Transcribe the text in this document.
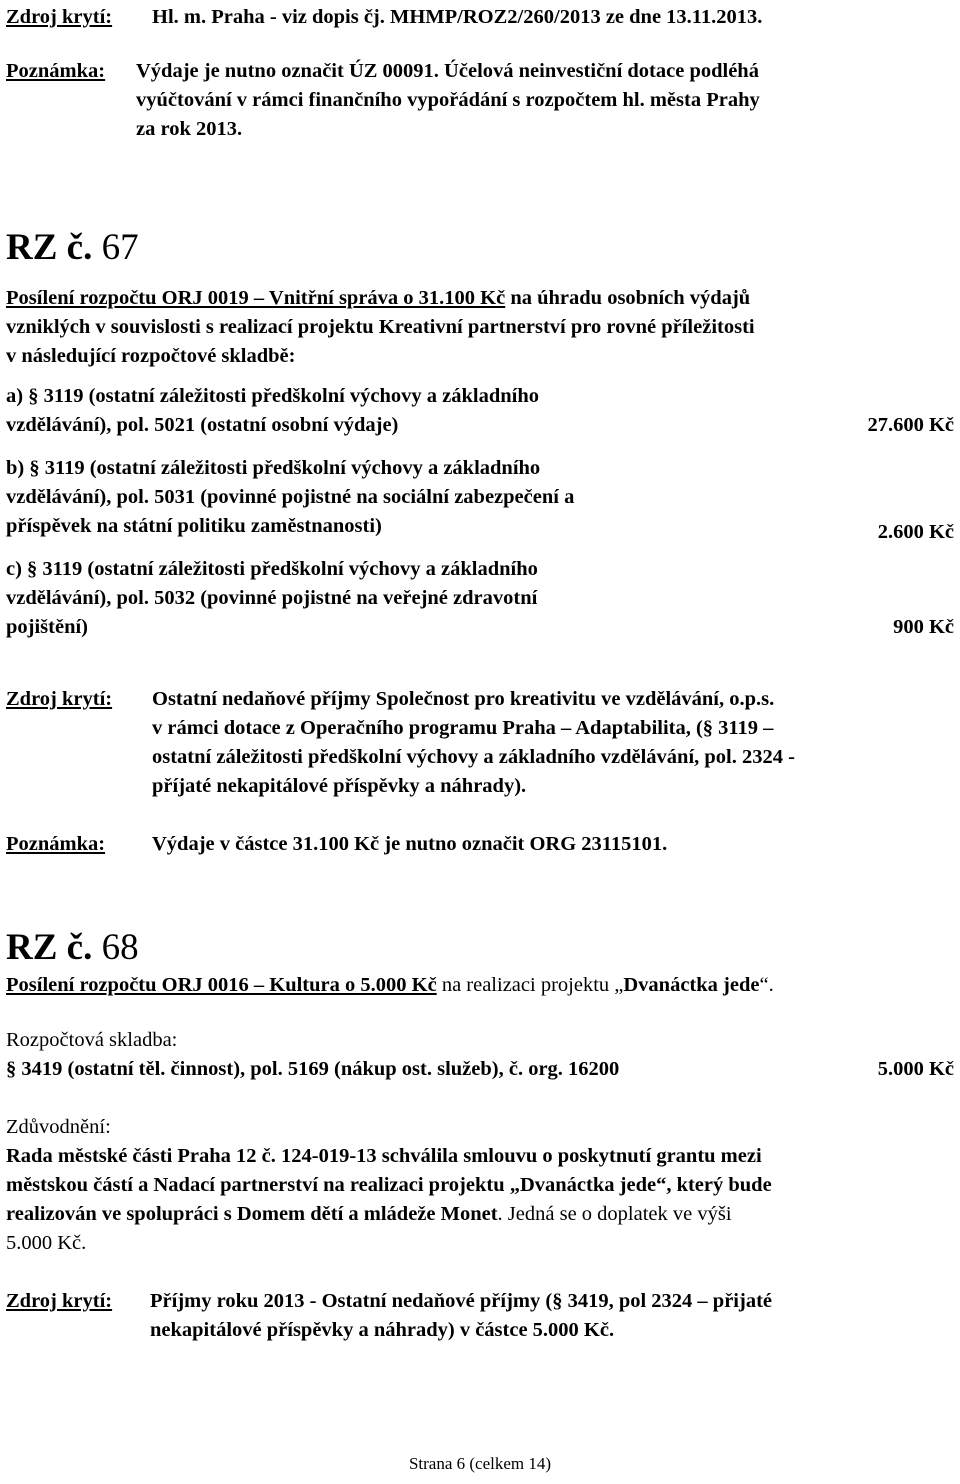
Zdroj krytí: Hl. m. Praha - viz dopis čj. MHMP/ROZ2/260/2013 ze dne 13.11.2013.
Poznámka: Výdaje je nutno označit ÚZ 00091. Účelová neinvestiční dotace podléhá
vyúčtování v rámci finančního vypořádání s rozpočtem hl. města Prahy
za rok 2013.
RZ č. 67
Posílení rozpočtu ORJ 0019 – Vnitřní správa o 31.100 Kč na úhradu osobních výdajů
vzniklých v souvislosti s realizací projektu Kreativní partnerství pro rovné příležitosti
v následující rozpočtové skladbě:
a) § 3119 (ostatní záležitosti předškolní výchovy a základního
vzdělávání), pol. 5021 (ostatní osobní výdaje)	27.600 Kč
b) § 3119 (ostatní záležitosti předškolní výchovy a základního
vzdělávání), pol. 5031 (povinné pojistné na sociální zabezpečení a
příspěvek na státní politiku zaměstnanosti)	2.600 Kč
c) § 3119 (ostatní záležitosti předškolní výchovy a základního
vzdělávání), pol. 5032 (povinné pojistné na veřejné zdravotní
pojištění)	900 Kč
Zdroj krytí: Ostatní nedaňové příjmy Společnost pro kreativitu ve vzdělávání, o.p.s.
v rámci dotace z Operačního programu Praha – Adaptabilita, (§ 3119 –
ostatní záležitosti předškolní výchovy a základního vzdělávání, pol. 2324 -
příjaté nekapitálové příspěvky a náhrady).
Poznámka: Výdaje v částce 31.100 Kč je nutno označit ORG 23115101.
RZ č. 68
Posílení rozpočtu ORJ 0016 – Kultura o 5.000 Kč na realizaci projektu „Dvanáctka jede“.
Rozpočtová skladba:
§ 3419 (ostatní těl. činnost), pol. 5169 (nákup ost. služeb), č. org. 16200	5.000 Kč
Zdůvodnění:
Rada městské části Praha 12 č. 124-019-13 schválila smlouvu o poskytnutí grantu mezi
městskou částí a Nadací partnerství na realizaci projektu „Dvanáctka jede“, který bude
realizován ve spolupráci s Domem dětí a mládeže Monet. Jedná se o doplatek ve výši
5.000 Kč.
Zdroj krytí: Příjmy roku 2013 - Ostatní nedaňové příjmy (§ 3419, pol 2324 – přijaté
nekapitálové příspěvky a náhrady) v částce 5.000 Kč.
Strana 6 (celkem 14)
